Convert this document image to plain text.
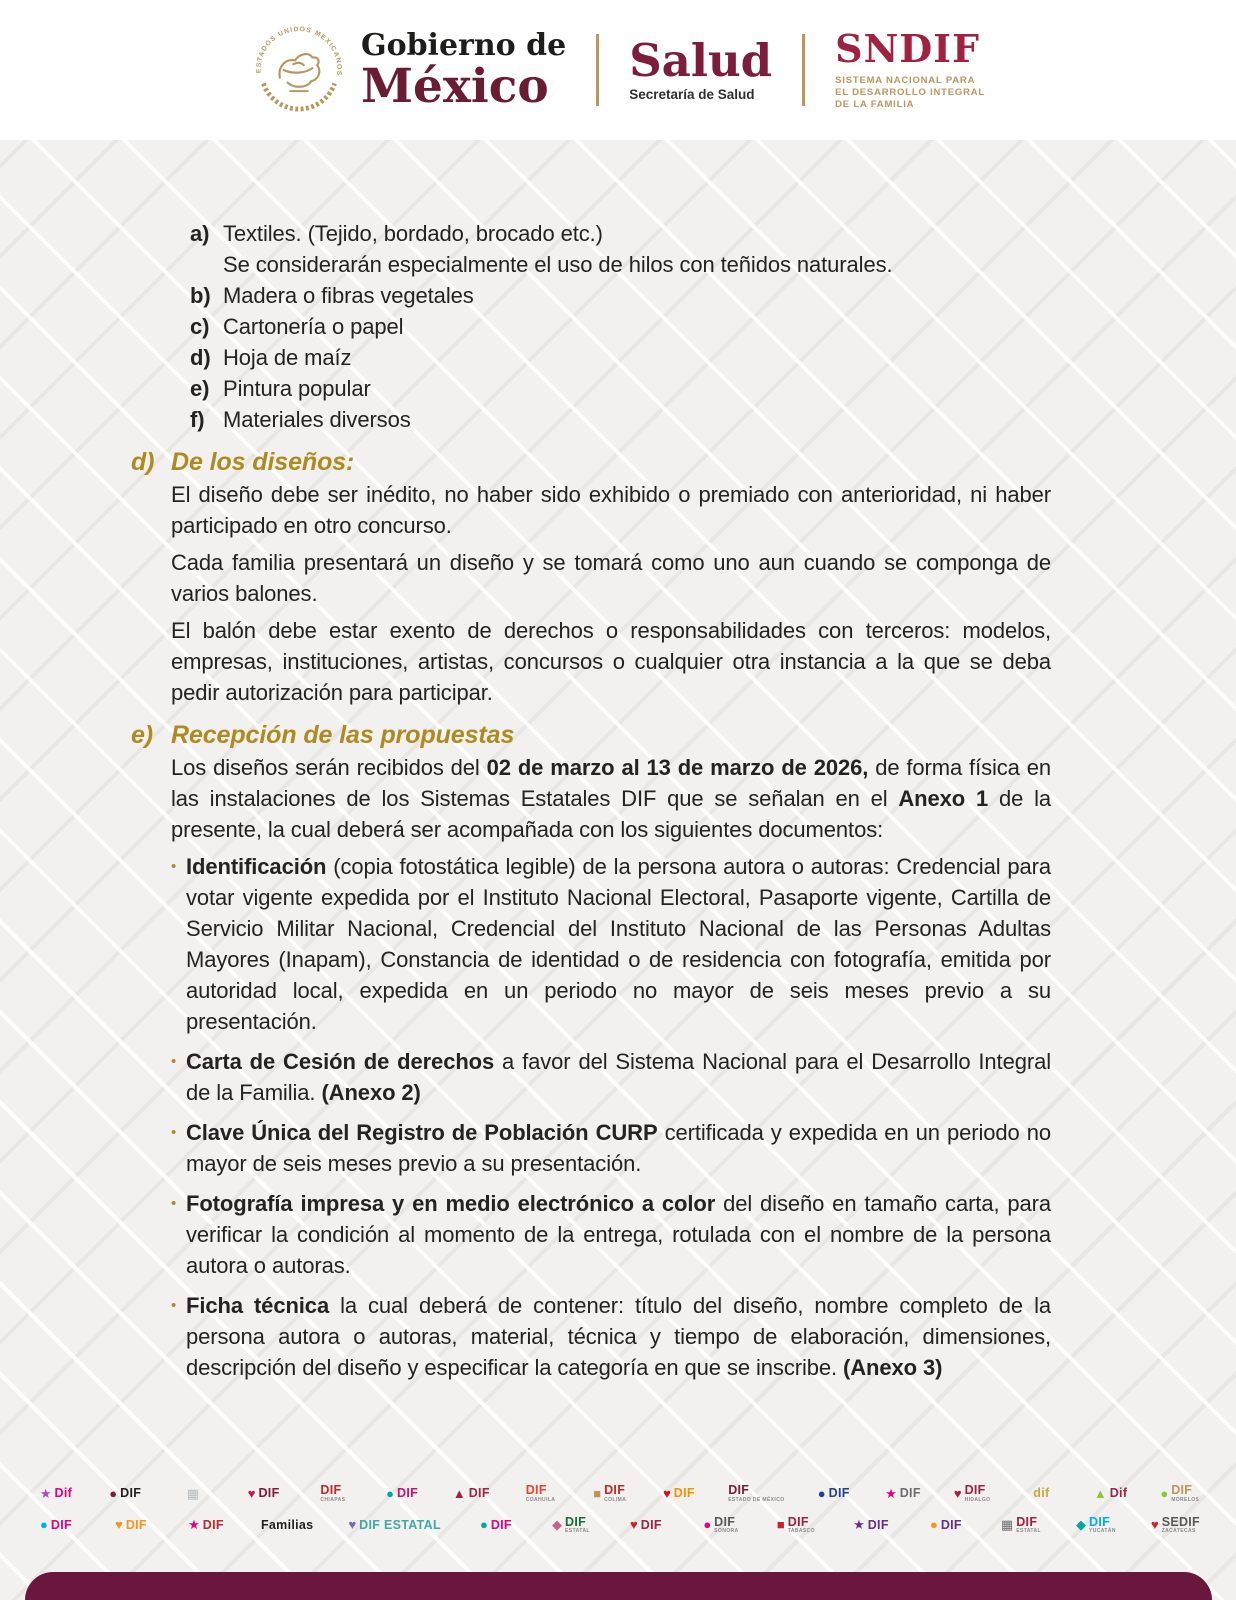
ESTADOS UNIDOS MEXICANOS
Gobierno de
México	Salud
Secretaría de Salud
SNDIF
SISTEMA NACIONAL PARA
EL DESARROLLO INTEGRAL
DE LA FAMILIA
a) Textiles. (Tejido, bordado, brocado etc.)
Se considerarán especialmente el uso de hilos con teñidos naturales.
b) Madera o fibras vegetales
c) Cartonería o papel
d) Hoja de maíz
e) Pintura popular
f) Materiales diversos
d) De los diseños:

El diseño debe ser inédito, no haber sido exhibido o premiado con anterioridad, ni haber participado en otro concurso.

Cada familia presentará un diseño y se tomará como uno aun cuando se componga de varios balones.

El balón debe estar exento de derechos o responsabilidades con terceros: modelos, empresas, instituciones, artistas, concursos o cualquier otra instancia a la que se deba pedir autorización para participar.

e) Recepción de las propuestas

Los diseños serán recibidos del 02 de marzo al 13 de marzo de 2026, de forma física en las instalaciones de los Sistemas Estatales DIF que se señalan en el Anexo 1 de la presente, la cual deberá ser acompañada con los siguientes documentos:

• Identificación (copia fotostática legible) de la persona autora o autoras: Credencial para votar vigente expedida por el Instituto Nacional Electoral, Pasaporte vigente, Cartilla de Servicio Militar Nacional, Credencial del Instituto Nacional de las Personas Adultas Mayores (Inapam), Constancia de identidad o de residencia con fotografía, emitida por autoridad local, expedida en un periodo no mayor de seis meses previo a su presentación.
• Carta de Cesión de derechos a favor del Sistema Nacional para el Desarrollo Integral de la Familia. (Anexo 2)
• Clave Única del Registro de Población CURP certificada y expedida en un periodo no mayor de seis meses previo a su presentación.
• Fotografía impresa y en medio electrónico a color del diseño en tamaño carta, para verificar la condición al momento de la entrega, rotulada con el nombre de la persona autora o autoras.
• Ficha técnica la cual deberá de contener: título del diseño, nombre completo de la persona autora o autoras, material, técnica y tiempo de elaboración, dimensiones, descripción del diseño y especificar la categoría en que se inscribe. (Anexo 3)
★ Dif	● DIF	▦	♥ DIF	DIF
CHIAPAS	● DIF	▲ DIF	DIF
COAHUILA	■ DIF
COLIMA	♥ DIF	DIF
ESTADO DE MÉXICO	● DIF	★ DIF	♥ DIF
HIDALGO	dif	▲ Dif	● DIF
MORELOS
● DIF	♥ DIF	★ DIF	Familias	♥ DIF ESTATAL	● DIF	◆ DIF
ESTATAL	♥ DIF	● DIF
SONORA	■ DIF
TABASCO	★ DIF	● DIF	▦ DIF
ESTATAL	◆ DIF
YUCATÁN	♥ SEDIF
ZACATECAS
